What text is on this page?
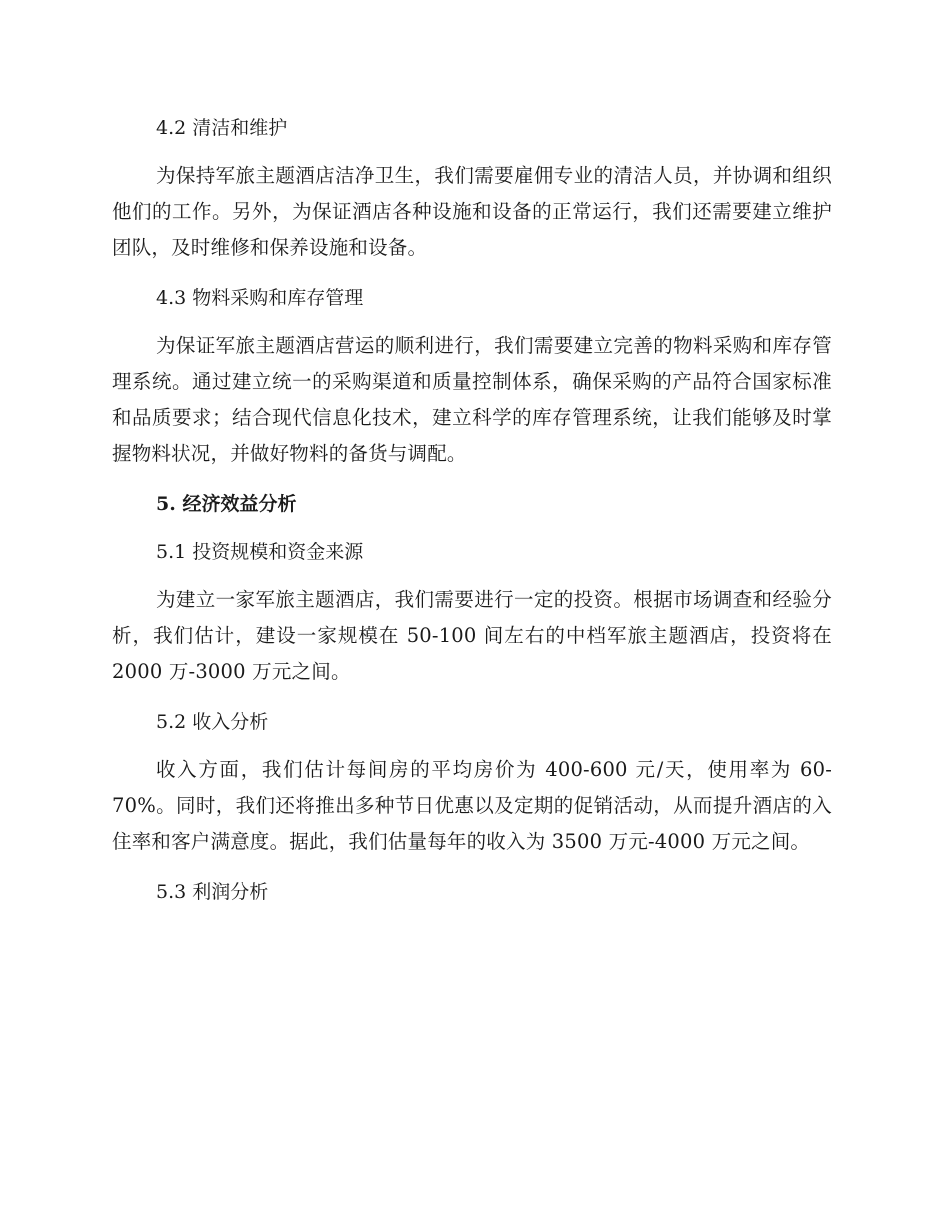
4.2 清洁和维护

为保持军旅主题酒店洁净卫生，我们需要雇佣专业的清洁人员，并协调和组织他们的工作。另外，为保证酒店各种设施和设备的正常运行，我们还需要建立维护团队，及时维修和保养设施和设备。

4.3 物料采购和库存管理

为保证军旅主题酒店营运的顺利进行，我们需要建立完善的物料采购和库存管理系统。通过建立统一的采购渠道和质量控制体系，确保采购的产品符合国家标准和品质要求；结合现代信息化技术，建立科学的库存管理系统，让我们能够及时掌握物料状况，并做好物料的备货与调配。

5. 经济效益分析
5.1 投资规模和资金来源

为建立一家军旅主题酒店，我们需要进行一定的投资。根据市场调查和经验分析，我们估计，建设一家规模在 50-100 间左右的中档军旅主题酒店，投资将在 2000 万-3000 万元之间。

5.2 收入分析

收入方面，我们估计每间房的平均房价为 400-600 元/天，使用率为 60-70%。同时，我们还将推出多种节日优惠以及定期的促销活动，从而提升酒店的入住率和客户满意度。据此，我们估量每年的收入为 3500 万元-4000 万元之间。

5.3 利润分析
